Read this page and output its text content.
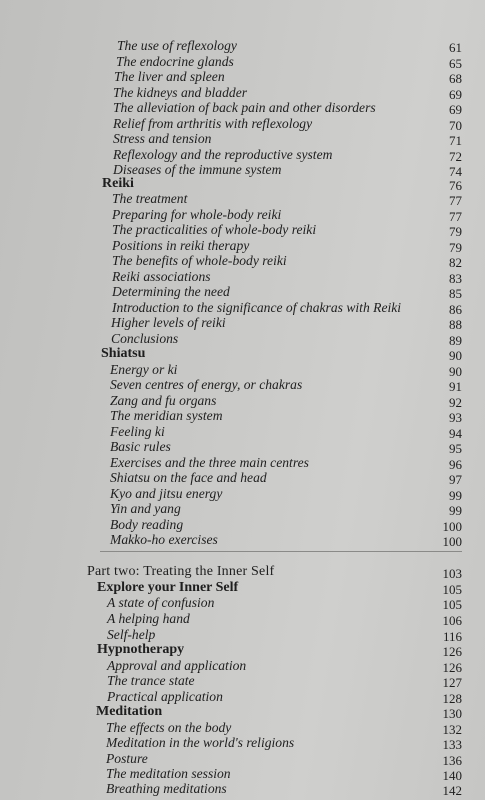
The use of reflexology	61
The endocrine glands	65
The liver and spleen	68
The kidneys and bladder	69
The alleviation of back pain and other disorders	69
Relief from arthritis with reflexology	70
Stress and tension	71
Reflexology and the reproductive system	72
Diseases of the immune system	74
Reiki	76
The treatment	77
Preparing for whole-body reiki	77
The practicalities of whole-body reiki	79
Positions in reiki therapy	79
The benefits of whole-body reiki	82
Reiki associations	83
Determining the need	85
Introduction to the significance of chakras with Reiki	86
Higher levels of reiki	88
Conclusions	89
Shiatsu	90
Energy or ki	90
Seven centres of energy, or chakras	91
Zang and fu organs	92
The meridian system	93
Feeling ki	94
Basic rules	95
Exercises and the three main centres	96
Shiatsu on the face and head	97
Kyo and jitsu energy	99
Yin and yang	99
Body reading	100
Makko-ho exercises	100
Part two: Treating the Inner Self	103
Explore your Inner Self	105
A state of confusion	105
A helping hand	106
Self-help	116
Hypnotherapy	126
Approval and application	126
The trance state	127
Practical application	128
Meditation	130
The effects on the body	132
Meditation in the world's religions	133
Posture	136
The meditation session	140
Breathing meditations	142
